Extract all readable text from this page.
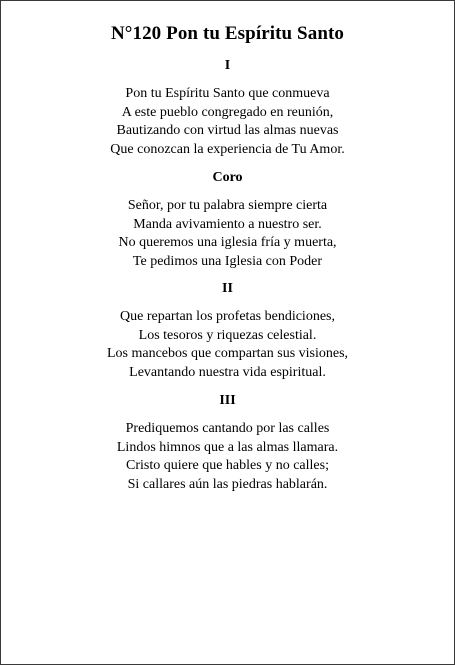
N°120 Pon tu Espíritu Santo
I
Pon tu Espíritu Santo que conmueva
A este pueblo congregado en reunión,
Bautizando con virtud las almas nuevas
Que conozcan la experiencia de Tu Amor.
Coro
Señor, por tu palabra siempre cierta
Manda avivamiento a nuestro ser.
No queremos una iglesia fría y muerta,
Te pedimos una Iglesia con Poder
II
Que repartan los profetas bendiciones,
Los tesoros y riquezas celestial.
Los mancebos que compartan sus visiones,
Levantando nuestra vida espiritual.
III
Prediquemos cantando por las calles
Lindos himnos que a las almas llamara.
Cristo quiere que hables y no calles;
Si callares aún las piedras hablarán.
